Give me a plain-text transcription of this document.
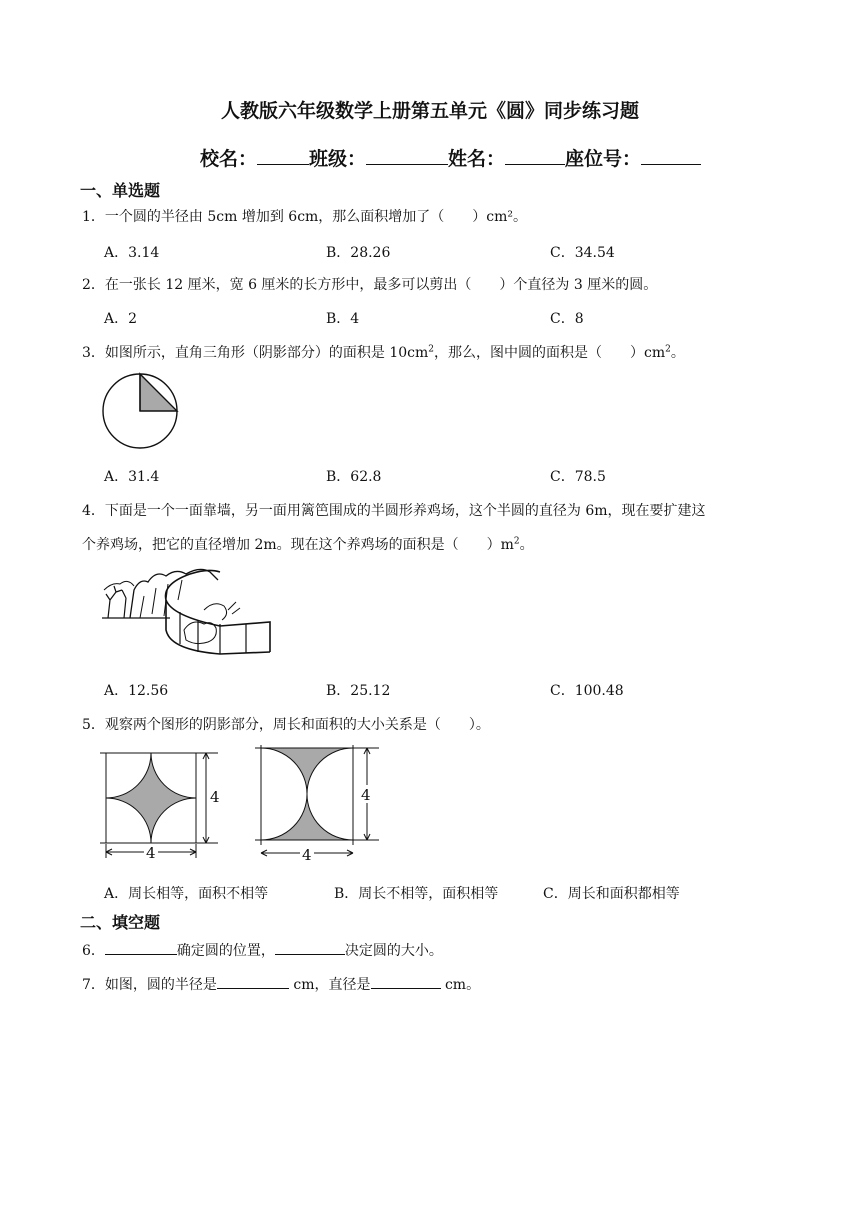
人教版六年级数学上册第五单元《圆》同步练习题
校名：	班级：	姓名：	座位号：
一、单选题
1．一个圆的半径由 5cm 增加到 6cm，那么面积增加了（　　）cm²。
A．3.14	B．28.26	C．34.54
2．在一张长 12 厘米，宽 6 厘米的长方形中，最多可以剪出（　　）个直径为 3 厘米的圆。
A．2	B．4	C．8
3．如图所示，直角三角形（阴影部分）的面积是 $10cm^2$，那么，图中圆的面积是（　　）$cm^2$。
A．31.4	B．62.8	C．78.5
4．下面是一个一面靠墙，另一面用篱笆围成的半圆形养鸡场，这个半圆的直径为 6m，现在要扩建这
个养鸡场，把它的直径增加 2m。现在这个养鸡场的面积是（　　）$m^2$。
A．12.56	B．25.12	C．100.48
5．观察两个图形的阴影部分，周长和面积的大小关系是（　　）。
4
4
4
4
A．周长相等，面积不相等	B．周长不相等，面积相等	C．周长和面积都相等
二、填空题
6．	确定圆的位置，	决定圆的大小。
7．如图，圆的半径是	cm，直径是	cm。
